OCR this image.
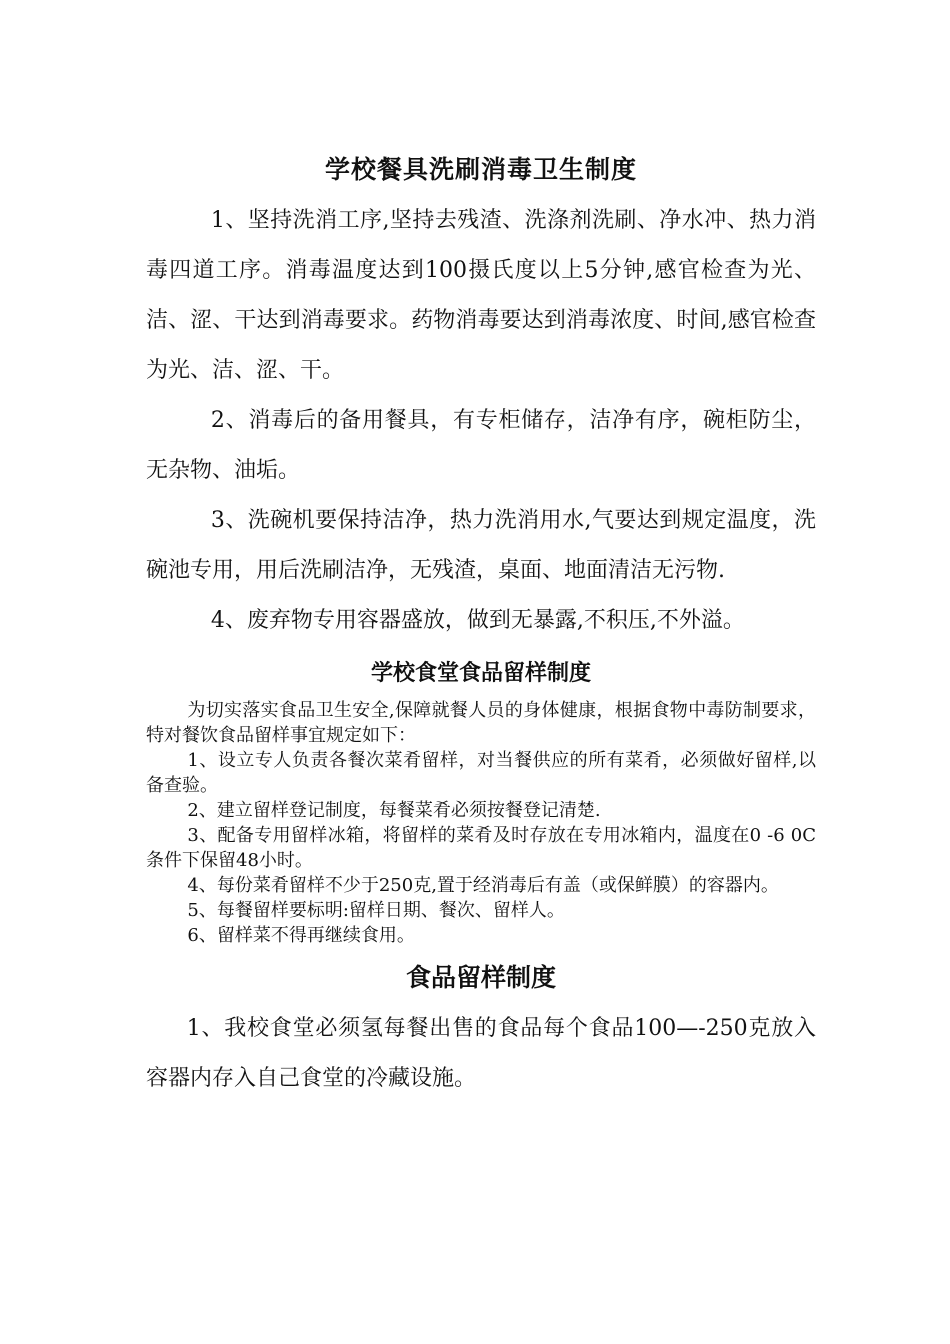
学校餐具洗刷消毒卫生制度

1、坚持洗消工序,坚持去残渣、洗涤剂洗刷、净水冲、热力消毒四道工序。消毒温度达到100摄氏度以上5分钟,感官检查为光、洁、涩、干达到消毒要求。药物消毒要达到消毒浓度、时间,感官检查为光、洁、涩、干。

2、消毒后的备用餐具，有专柜储存，洁净有序，碗柜防尘，无杂物、油垢。

3、洗碗机要保持洁净，热力洗消用水,气要达到规定温度，洗碗池专用，用后洗刷洁净，无残渣，桌面、地面清洁无污物.

4、废弃物专用容器盛放，做到无暴露,不积压,不外溢。

学校食堂食品留样制度

为切实落实食品卫生安全,保障就餐人员的身体健康，根据食物中毒防制要求，特对餐饮食品留样事宜规定如下：

1、设立专人负责各餐次菜肴留样，对当餐供应的所有菜肴，必须做好留样,以备查验。

2、建立留样登记制度，每餐菜肴必须按餐登记清楚.

3、配备专用留样冰箱，将留样的菜肴及时存放在专用冰箱内，温度在0 -6 0C条件下保留48小时。

4、每份菜肴留样不少于250克,置于经消毒后有盖（或保鲜膜）的容器内。

5、每餐留样要标明:留样日期、餐次、留样人。

6、留样菜不得再继续食用。

食品留样制度

1、我校食堂必须氢每餐出售的食品每个食品100—-250克放入容器内存入自己食堂的冷藏设施。
